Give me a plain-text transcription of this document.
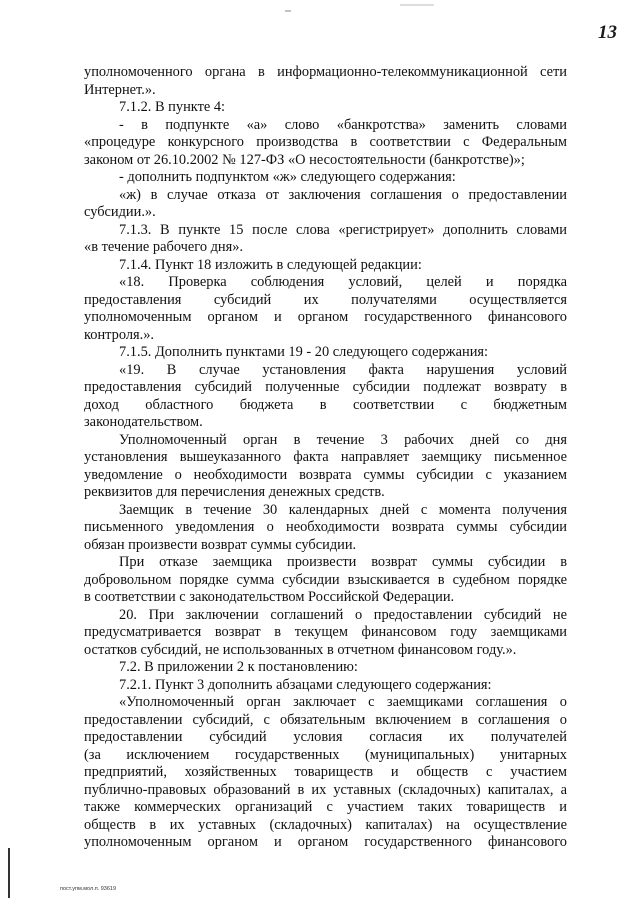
13
уполномоченного органа в информационно-телекоммуникационной сети
Интернет.».
7.1.2. В пункте 4:
- в подпункте «а» слово «банкротства» заменить словами
«процедуре конкурсного производства в соответствии с Федеральным
законом от 26.10.2002 № 127-ФЗ «О несостоятельности (банкротстве)»;
- дополнить подпунктом «ж» следующего содержания:
«ж) в случае отказа от заключения соглашения о предоставлении
субсидии.».
7.1.3. В пункте 15 после слова «регистрирует» дополнить словами
«в течение рабочего дня».
7.1.4. Пункт 18 изложить в следующей редакции:
«18. Проверка соблюдения условий, целей и порядка
предоставления субсидий их получателями осуществляется
уполномоченным органом и органом государственного финансового
контроля.».
7.1.5. Дополнить пунктами 19 - 20 следующего содержания:
«19. В случае установления факта нарушения условий
предоставления субсидий полученные субсидии подлежат возврату в
доход областного бюджета в соответствии с бюджетным
законодательством.
Уполномоченный орган в течение 3 рабочих дней со дня
установления вышеуказанного факта направляет заемщику письменное
уведомление о необходимости возврата суммы субсидии с указанием
реквизитов для перечисления денежных средств.
Заемщик в течение 30 календарных дней с момента получения
письменного уведомления о необходимости возврата суммы субсидии
обязан произвести возврат суммы субсидии.
При отказе заемщика произвести возврат суммы субсидии в
добровольном порядке сумма субсидии взыскивается в судебном порядке
в соответствии с законодательством Российской Федерации.
20. При заключении соглашений о предоставлении субсидий не
предусматривается возврат в текущем финансовом году заемщиками
остатков субсидий, не использованных в отчетном финансовом году.».
7.2. В приложении 2 к постановлению:
7.2.1. Пункт 3 дополнить абзацами следующего содержания:
«Уполномоченный орган заключает с заемщиками соглашения о
предоставлении субсидий, с обязательным включением в соглашения о
предоставлении субсидий условия согласия их получателей
(за исключением государственных (муниципальных) унитарных
предприятий, хозяйственных товариществ и обществ с участием
публично-правовых образований в их уставных (складочных) капиталах, а
также коммерческих организаций с участием таких товариществ и
обществ в их уставных (складочных) капиталах) на осуществление
уполномоченным органом и органом государственного финансового
пост.упм.мол.п. 93619
